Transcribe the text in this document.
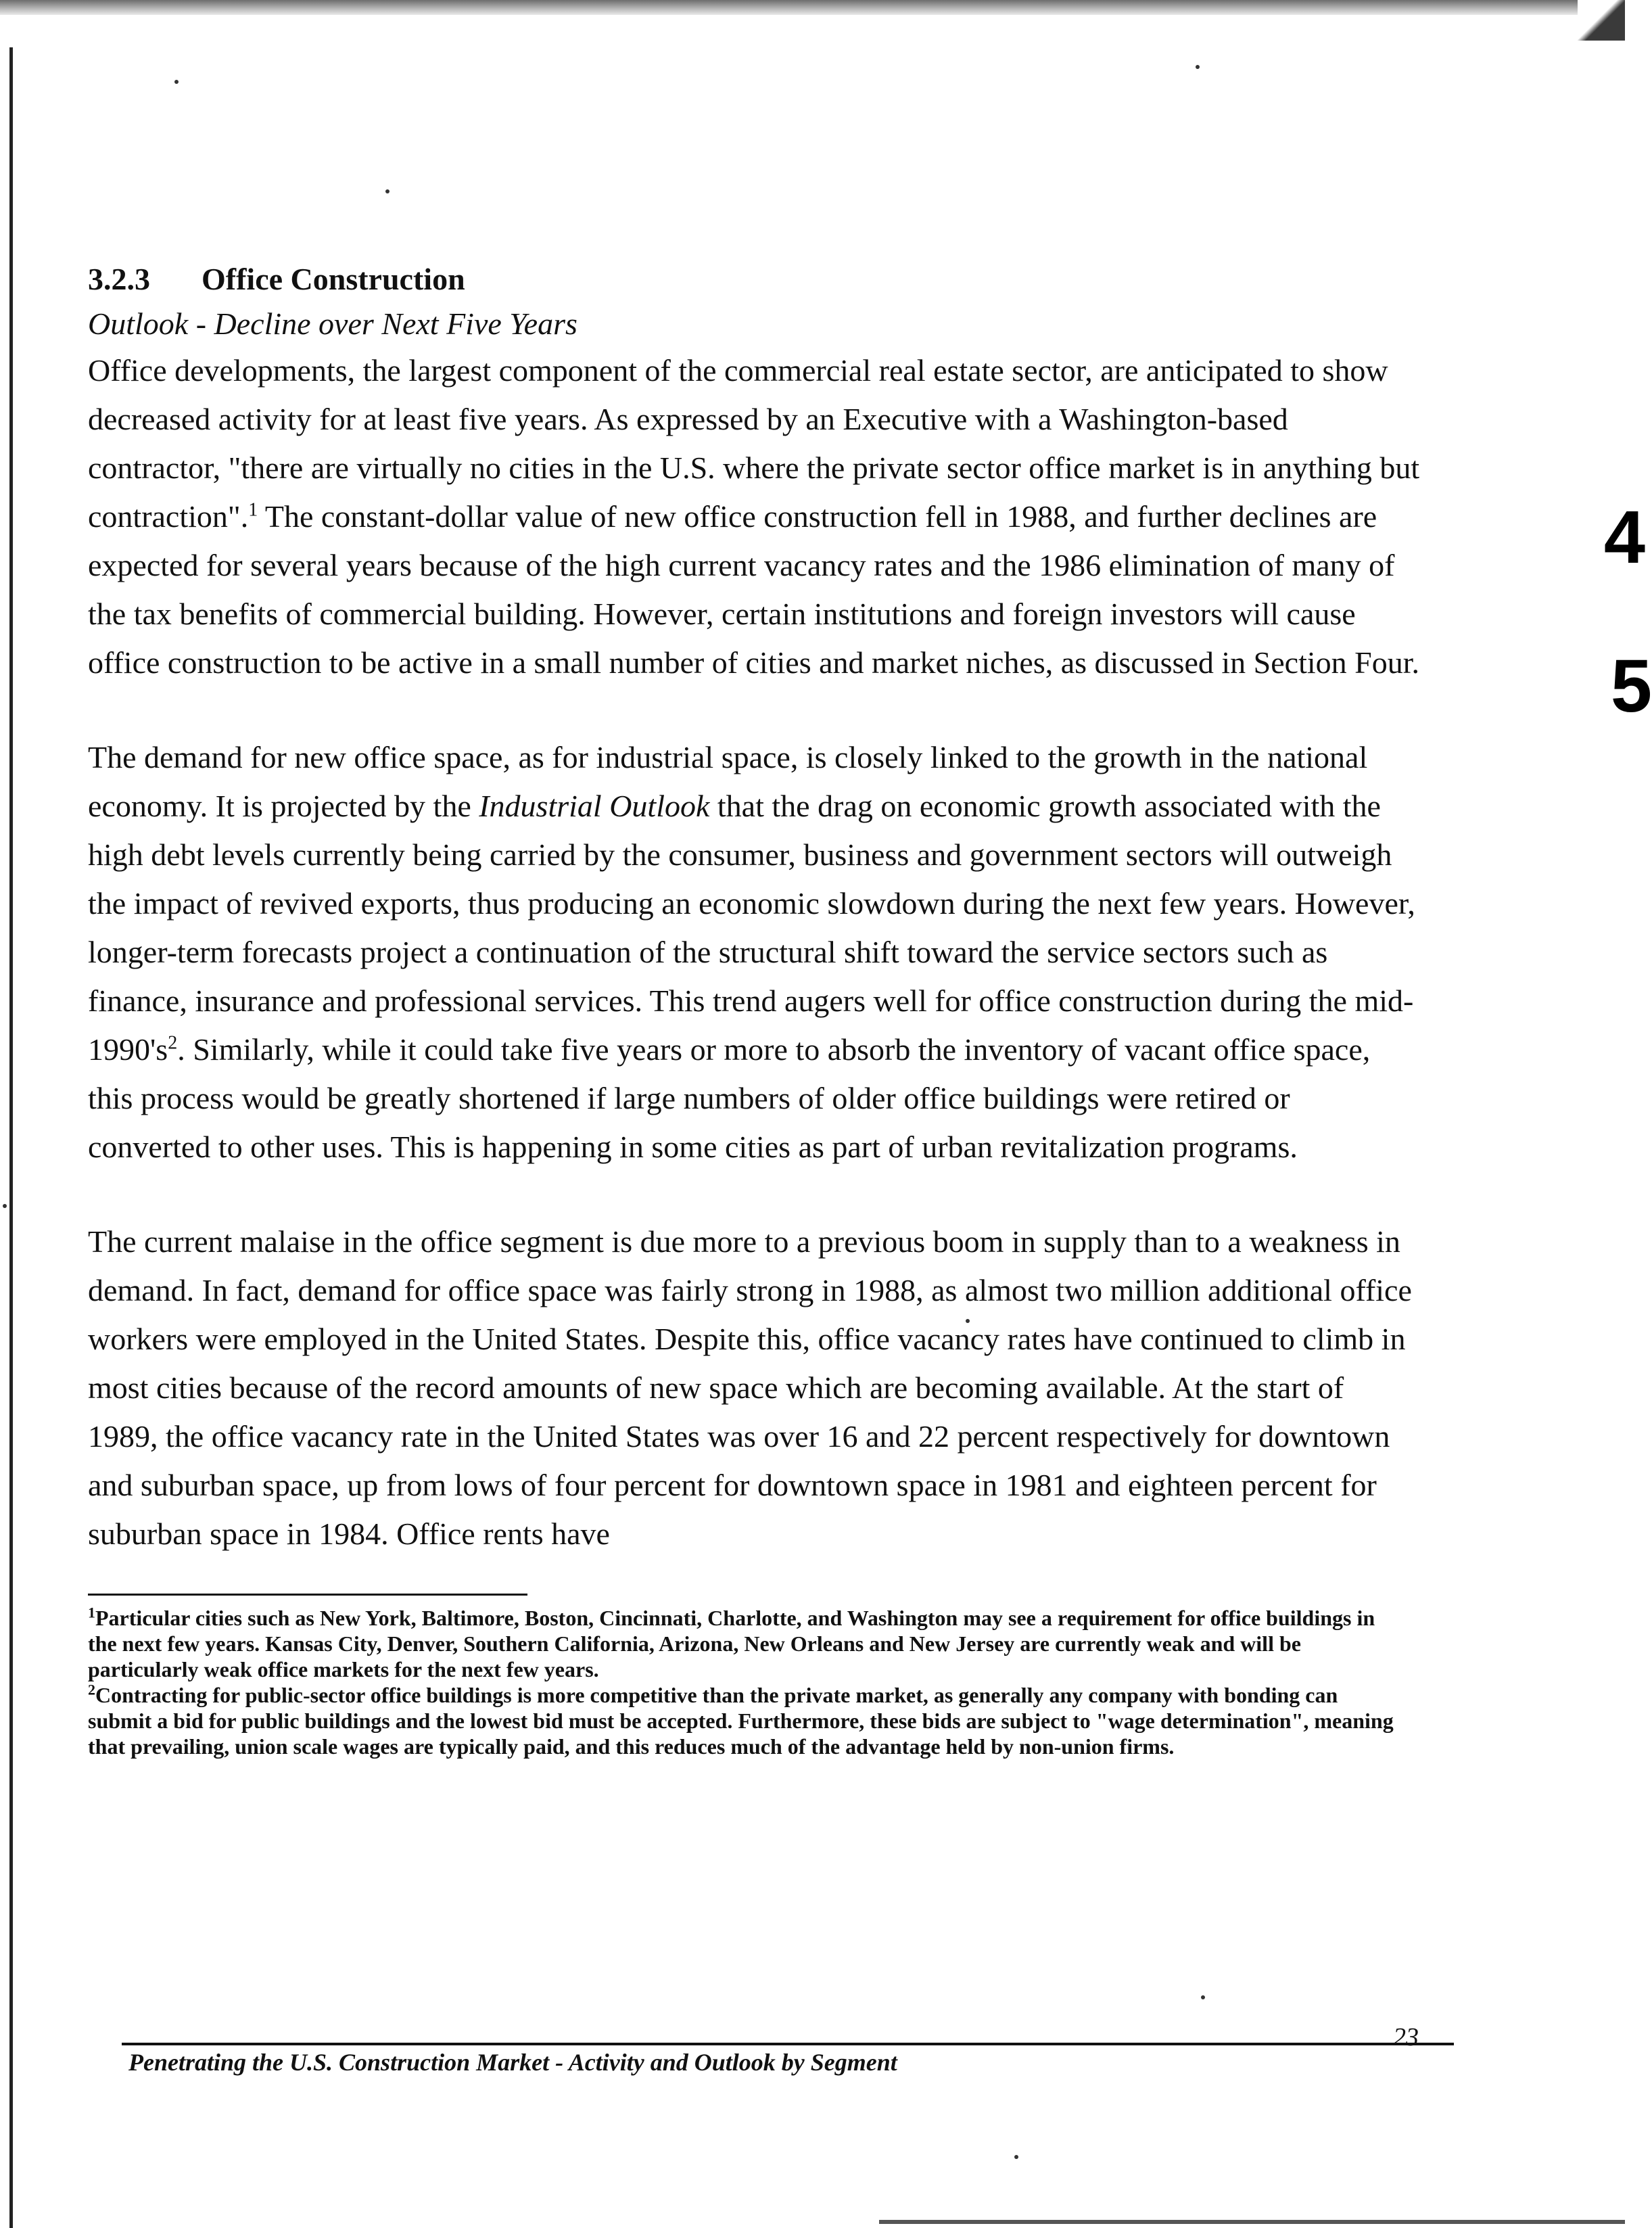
4
5
3.2.3 Office Construction

Outlook - Decline over Next Five Years

Office developments, the largest component of the commercial real estate sector, are anticipated to show decreased activity for at least five years. As expressed by an Executive with a Washington-based contractor, "there are virtually no cities in the U.S. where the private sector office market is in anything but contraction".$^1$ The constant-dollar value of new office construction fell in 1988, and further declines are expected for several years because of the high current vacancy rates and the 1986 elimination of many of the tax benefits of commercial building. However, certain institutions and foreign investors will cause office construction to be active in a small number of cities and market niches, as discussed in Section Four.

The demand for new office space, as for industrial space, is closely linked to the growth in the national economy. It is projected by the Industrial Outlook that the drag on economic growth associated with the high debt levels currently being carried by the consumer, business and government sectors will outweigh the impact of revived exports, thus producing an economic slowdown during the next few years. However, longer-term forecasts project a continuation of the structural shift toward the service sectors such as finance, insurance and professional services. This trend augers well for office construction during the mid-$1990's^2$. Similarly, while it could take five years or more to absorb the inventory of vacant office space, this process would be greatly shortened if large numbers of older office buildings were retired or converted to other uses. This is happening in some cities as part of urban revitalization programs.

The current malaise in the office segment is due more to a previous boom in supply than to a weakness in demand. In fact, demand for office space was fairly strong in 1988, as almost two million additional office workers were employed in the United States. Despite this, office vacancy rates have continued to climb in most cities because of the record amounts of new space which are becoming available. At the start of 1989, the office vacancy rate in the United States was over 16 and 22 percent respectively for downtown and suburban space, up from lows of four percent for downtown space in 1981 and eighteen percent for suburban space in 1984. Office rents have

$^1$Particular cities such as New York, Baltimore, Boston, Cincinnati, Charlotte, and Washington may see a requirement for office buildings in the next few years. Kansas City, Denver, Southern California, Arizona, New Orleans and New Jersey are currently weak and will be particularly weak office markets for the next few years.

$^2$Contracting for public-sector office buildings is more competitive than the private market, as generally any company with bonding can submit a bid for public buildings and the lowest bid must be accepted. Furthermore, these bids are subject to "wage determination", meaning that prevailing, union scale wages are typically paid, and this reduces much of the advantage held by non-union firms.

23
Penetrating the U.S. Construction Market - Activity and Outlook by Segment
